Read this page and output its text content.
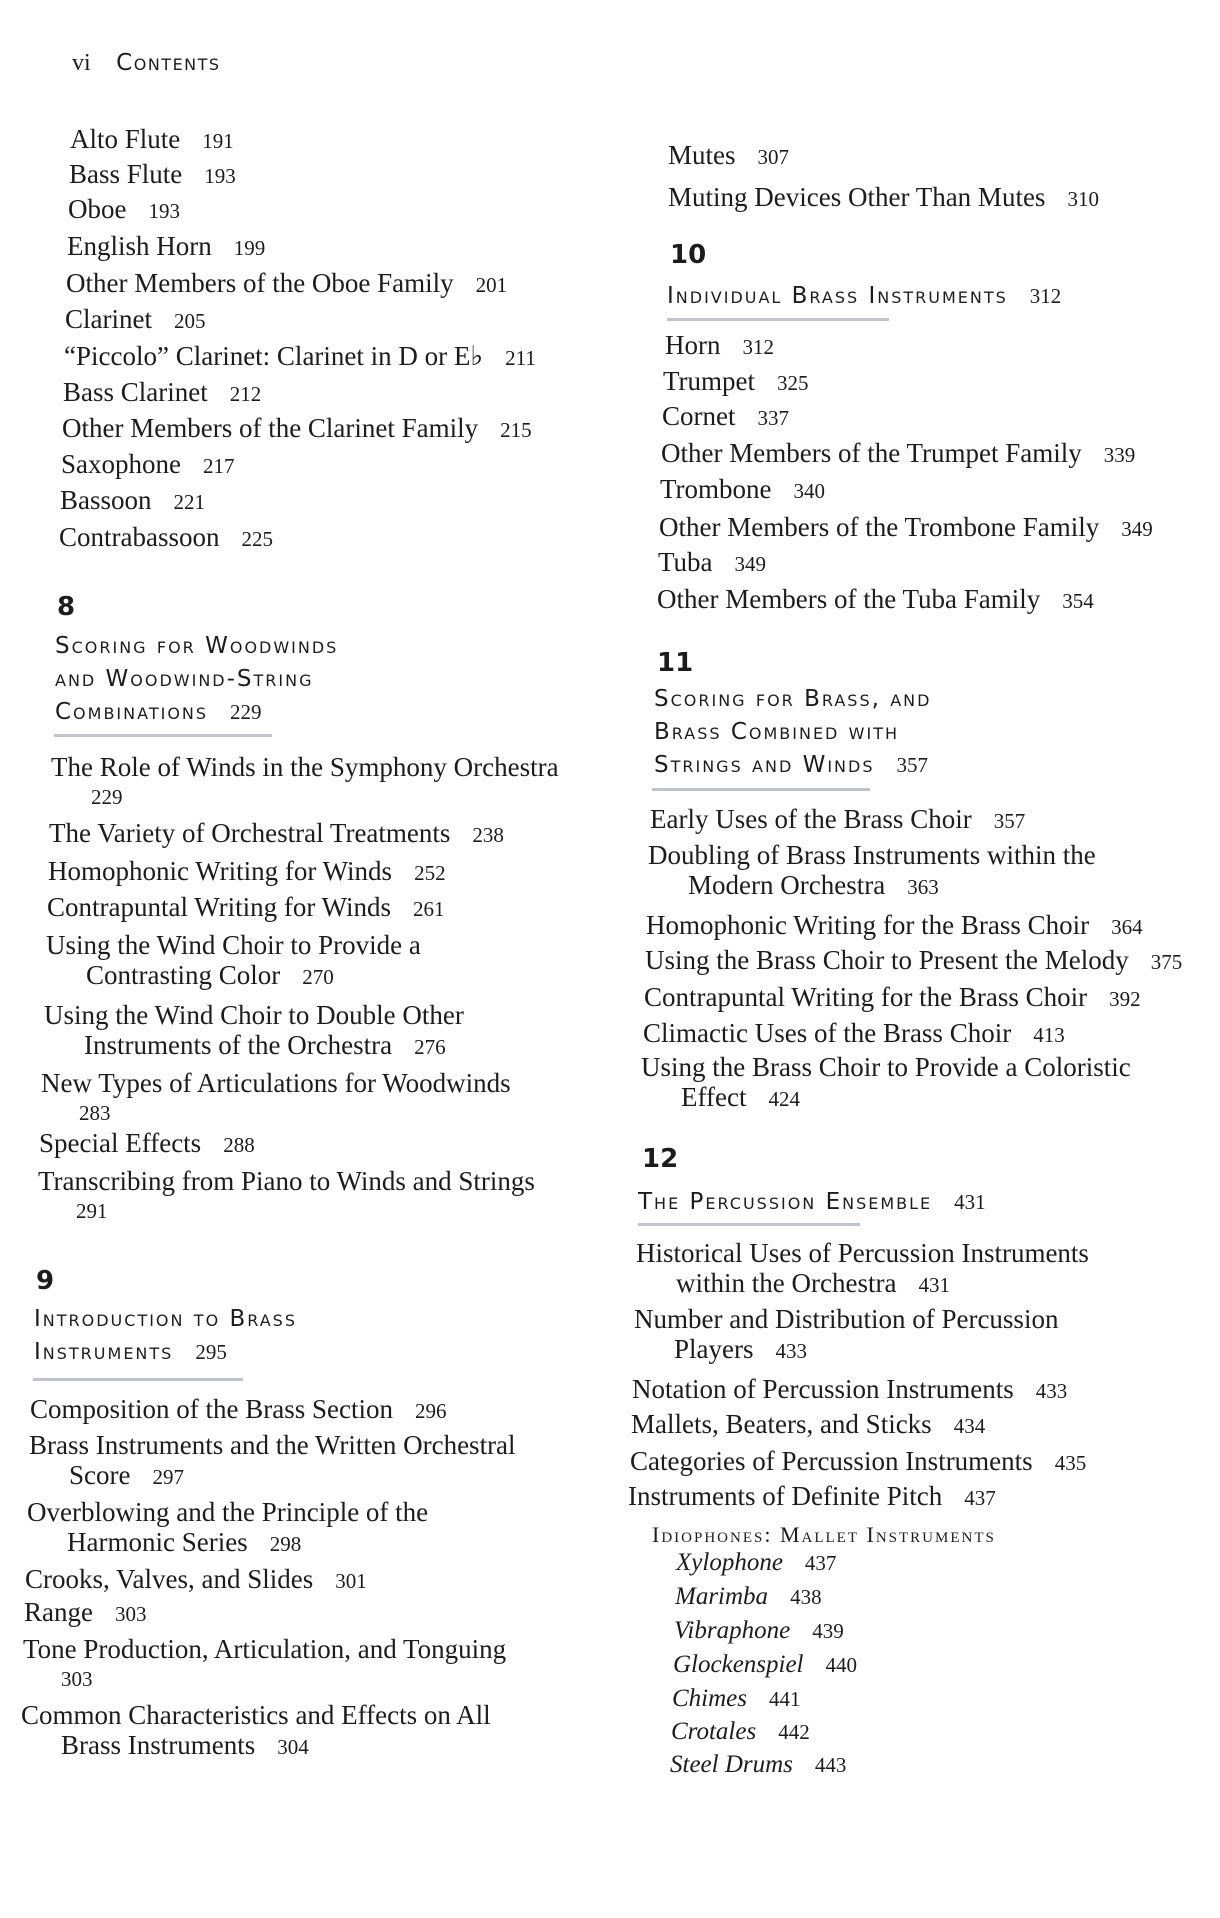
vi Contents
Alto Flute 191
Bass Flute 193
Oboe 193
English Horn 199
Other Members of the Oboe Family 201
Clarinet 205
“Piccolo” Clarinet: Clarinet in D or E♭ 211
Bass Clarinet 212
Other Members of the Clarinet Family 215
Saxophone 217
Bassoon 221
Contrabassoon 225
8
Scoring for Woodwinds
and Woodwind-String
Combinations 229
The Role of Winds in the Symphony Orchestra
229
The Variety of Orchestral Treatments 238
Homophonic Writing for Winds 252
Contrapuntal Writing for Winds 261
Using the Wind Choir to Provide a
Contrasting Color 270
Using the Wind Choir to Double Other
Instruments of the Orchestra 276
New Types of Articulations for Woodwinds
283
Special Effects 288
Transcribing from Piano to Winds and Strings
291
9
Introduction to Brass
Instruments 295
Composition of the Brass Section 296
Brass Instruments and the Written Orchestral
Score 297
Overblowing and the Principle of the
Harmonic Series 298
Crooks, Valves, and Slides 301
Range 303
Tone Production, Articulation, and Tonguing
303
Common Characteristics and Effects on All
Brass Instruments 304
Mutes 307
Muting Devices Other Than Mutes 310
10
Individual Brass Instruments 312
Horn 312
Trumpet 325
Cornet 337
Other Members of the Trumpet Family 339
Trombone 340
Other Members of the Trombone Family 349
Tuba 349
Other Members of the Tuba Family 354
11
Scoring for Brass, and
Brass Combined with
Strings and Winds 357
Early Uses of the Brass Choir 357
Doubling of Brass Instruments within the
Modern Orchestra 363
Homophonic Writing for the Brass Choir 364
Using the Brass Choir to Present the Melody 375
Contrapuntal Writing for the Brass Choir 392
Climactic Uses of the Brass Choir 413
Using the Brass Choir to Provide a Coloristic
Effect 424
12
The Percussion Ensemble 431
Historical Uses of Percussion Instruments
within the Orchestra 431
Number and Distribution of Percussion
Players 433
Notation of Percussion Instruments 433
Mallets, Beaters, and Sticks 434
Categories of Percussion Instruments 435
Instruments of Definite Pitch 437
Idiophones: Mallet Instruments
Xylophone 437
Marimba 438
Vibraphone 439
Glockenspiel 440
Chimes 441
Crotales 442
Steel Drums 443
